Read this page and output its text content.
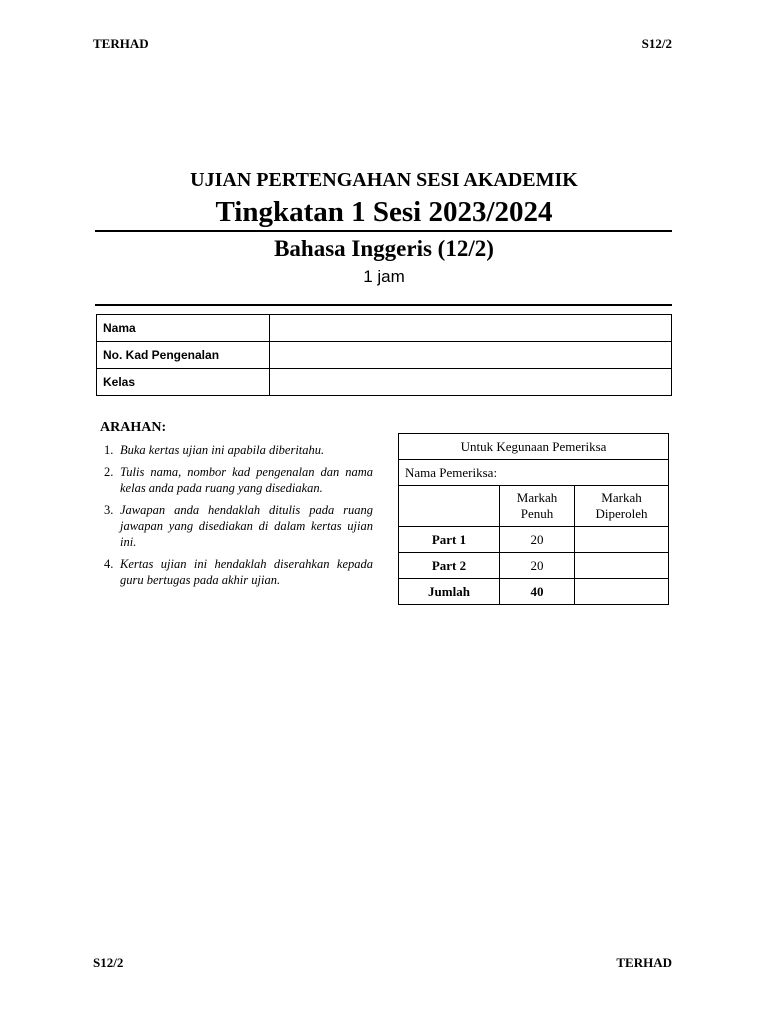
TERHAD	S12/2
UJIAN PERTENGAHAN SESI AKADEMIK
Tingkatan 1 Sesi 2023/2024
Bahasa Inggeris (12/2)
1 jam
Nama	
No. Kad Pengenalan	
Kelas	
ARAHAN:
1. Buka kertas ujian ini apabila diberitahu.
2. Tulis nama, nombor kad pengenalan dan nama kelas anda pada ruang yang disediakan.
3. Jawapan anda hendaklah ditulis pada ruang jawapan yang disediakan di dalam kertas ujian ini.
4. Kertas ujian ini hendaklah diserahkan kepada guru bertugas pada akhir ujian.
Untuk Kegunaan Pemeriksa		
Nama Pemeriksa:		
	Markah Penuh	Markah Diperoleh
Part 1	20	
Part 2	20	
Jumlah	40	
S12/2	TERHAD
